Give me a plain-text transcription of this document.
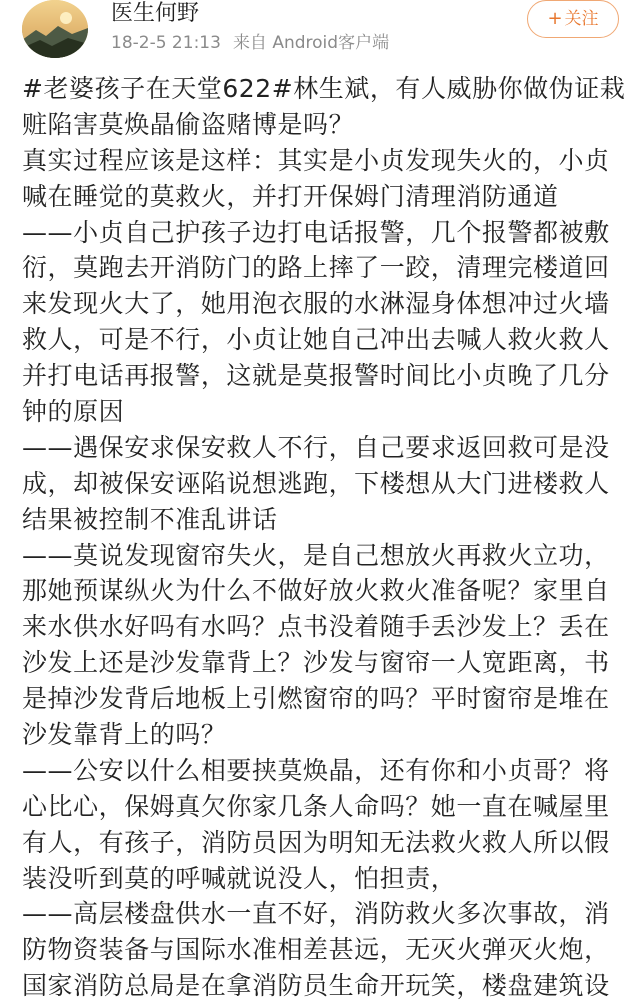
医生何野
18-2-5 21:13 来自 Android客户端
+ 关注
#老婆孩子在天堂622#林生斌，有人威胁你做伪证栽
赃陷害莫焕晶偷盗赌博是吗？
真实过程应该是这样：其实是小贞发现失火的，小贞
喊在睡觉的莫救火，并打开保姆门清理消防通道
——小贞自己护孩子边打电话报警，几个报警都被敷
衍，莫跑去开消防门的路上摔了一跤，清理完楼道回
来发现火大了，她用泡衣服的水淋湿身体想冲过火墙
救人，可是不行，小贞让她自己冲出去喊人救火救人
并打电话再报警，这就是莫报警时间比小贞晚了几分
钟的原因
——遇保安求保安救人不行，自己要求返回救可是没
成，却被保安诬陷说想逃跑，下楼想从大门进楼救人
结果被控制不准乱讲话
——莫说发现窗帘失火，是自己想放火再救火立功，
那她预谋纵火为什么不做好放火救火准备呢？家里自
来水供水好吗有水吗？点书没着随手丢沙发上？丢在
沙发上还是沙发靠背上？沙发与窗帘一人宽距离，书
是掉沙发背后地板上引燃窗帘的吗？平时窗帘是堆在
沙发靠背上的吗？
——公安以什么相要挟莫焕晶，还有你和小贞哥？将
心比心，保姆真欠你家几条人命吗？她一直在喊屋里
有人，有孩子，消防员因为明知无法救火救人所以假
装没听到莫的呼喊就说没人，怕担责，
——高层楼盘供水一直不好，消防救火多次事故，消
防物资装备与国际水准相差甚远，无灭火弹灭火炮，
国家消防总局是在拿消防员生命开玩笑，楼盘建筑设
